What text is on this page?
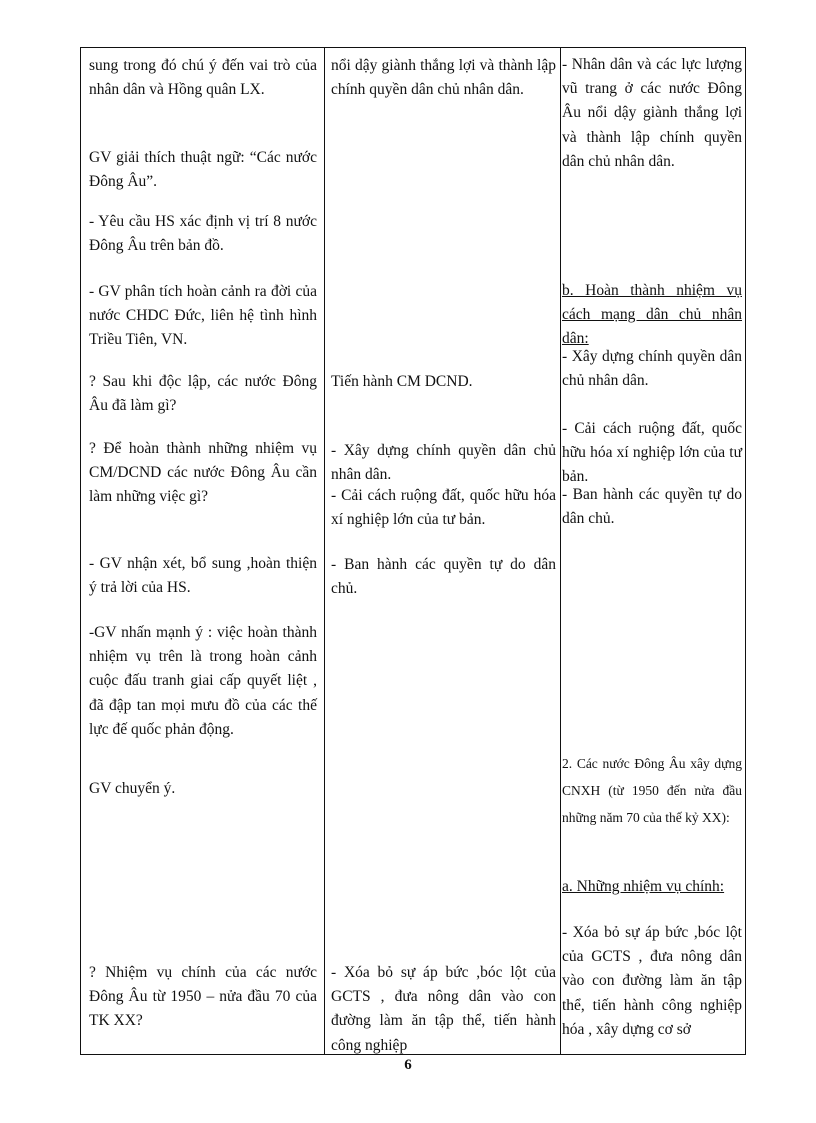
sung trong đó chú ý đến vai trò của nhân dân và Hồng quân LX.

GV giải thích thuật ngữ: “Các nước Đông Âu”.

- Yêu cầu HS xác định vị trí 8 nước Đông Âu trên bản đồ.

- GV phân tích hoàn cảnh ra đời của nước CHDC Đức, liên hệ tình hình Triều Tiên, VN.

? Sau khi độc lập, các nước Đông Âu đã làm gì?

? Để hoàn thành những nhiệm vụ CM/DCND các nước Đông Âu cần làm những việc gì?

- GV nhận xét, bổ sung ,hoàn thiện ý trả lời của HS.

-GV nhấn mạnh ý : việc hoàn thành nhiệm vụ trên là trong hoàn cảnh cuộc đấu tranh giai cấp quyết liệt , đã đập tan mọi mưu đồ của các thế lực đế quốc phản động.

GV chuyển ý.

? Nhiệm vụ chính của các nước Đông Âu từ 1950 – nửa đầu 70 của TK XX?

nổi dậy giành thắng lợi và thành lập chính quyền dân chủ nhân dân.

Tiến hành CM DCND.

- Xây dựng chính quyền dân chủ nhân dân.

- Cải cách ruộng đất, quốc hữu hóa xí nghiệp lớn của tư bản.

- Ban hành các quyền tự do dân chủ.

- Xóa bỏ sự áp bức ,bóc lột của GCTS , đưa nông dân vào con đường làm ăn tập thể, tiến hành công nghiệp

- Nhân dân và các lực lượng vũ trang ở các nước Đông Âu nổi dậy giành thắng lợi và thành lập chính quyền dân chủ nhân dân.

b. Hoàn thành nhiệm vụ cách mạng dân chủ nhân dân:

- Xây dựng chính quyền dân chủ nhân dân.

- Cải cách ruộng đất, quốc hữu hóa xí nghiệp lớn của tư bản.

- Ban hành các quyền tự do dân chủ.

2. Các nước Đông Âu xây dựng CNXH (từ 1950 đến nửa đầu những năm 70 của thế kỷ XX):

a. Những nhiệm vụ chính:

- Xóa bỏ sự áp bức ,bóc lột của GCTS , đưa nông dân vào con đường làm ăn tập thể, tiến hành công nghiệp hóa , xây dựng cơ sở

6
